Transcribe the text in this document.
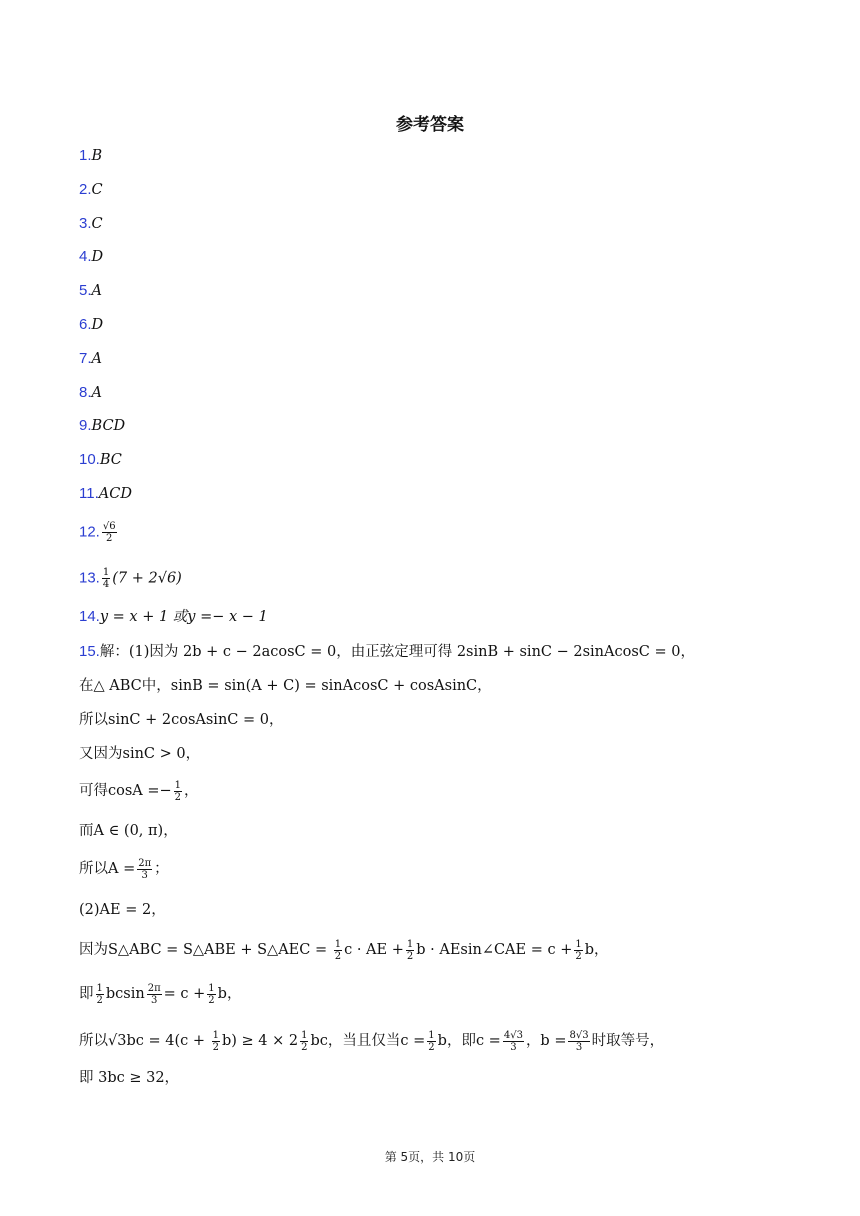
参考答案
1.B
2.C
3.C
4.D
5.A
6.D
7.A
8.A
9.BCD
10.BC
11.ACD
12. $\frac{√6}{2}$
13. $\frac{1}{4} (7 + 2√6)$
14.y = x + 1 或y =− x − 1
15.解：(1)因为 2b + c − 2acosC = 0，由正弦定理可得 2sinB + sinC − 2sinAcosC = 0，
在△ ABC中，sinB = sin(A + C) = sinAcosC + cosAsinC，
所以sinC + 2cosAsinC = 0，
又因为sinC > 0，
可得$\cos A =- \frac{1}{2}$ ，
而A ∈ (0, π)，
所以$A = \frac{2\pi}{3}$ ；
(2)AE = 2，
因为S△ABC = S△ABE + S△AEC = $\frac{1}{2}$ c · AE + $\frac{1}{2}$ b · AEsin∠CAE = $c + \frac{1}{2}$ b，
即 $\frac{1}{2}$ bcsin $\frac{2\pi}{3} = c + \frac{1}{2}$ b，
所以$√3bc = 4(c + \frac{1}{2} b) \ge 4 \times 2 \frac{1}{2}$ bc，当且仅当$c = \frac{1}{2}$ b，即$c = \frac{4√3}{3}$ ，$b = \frac{8√3}{3}$ 时取等号，
即 3bc ≥ 32，
第 5页，共 10页
